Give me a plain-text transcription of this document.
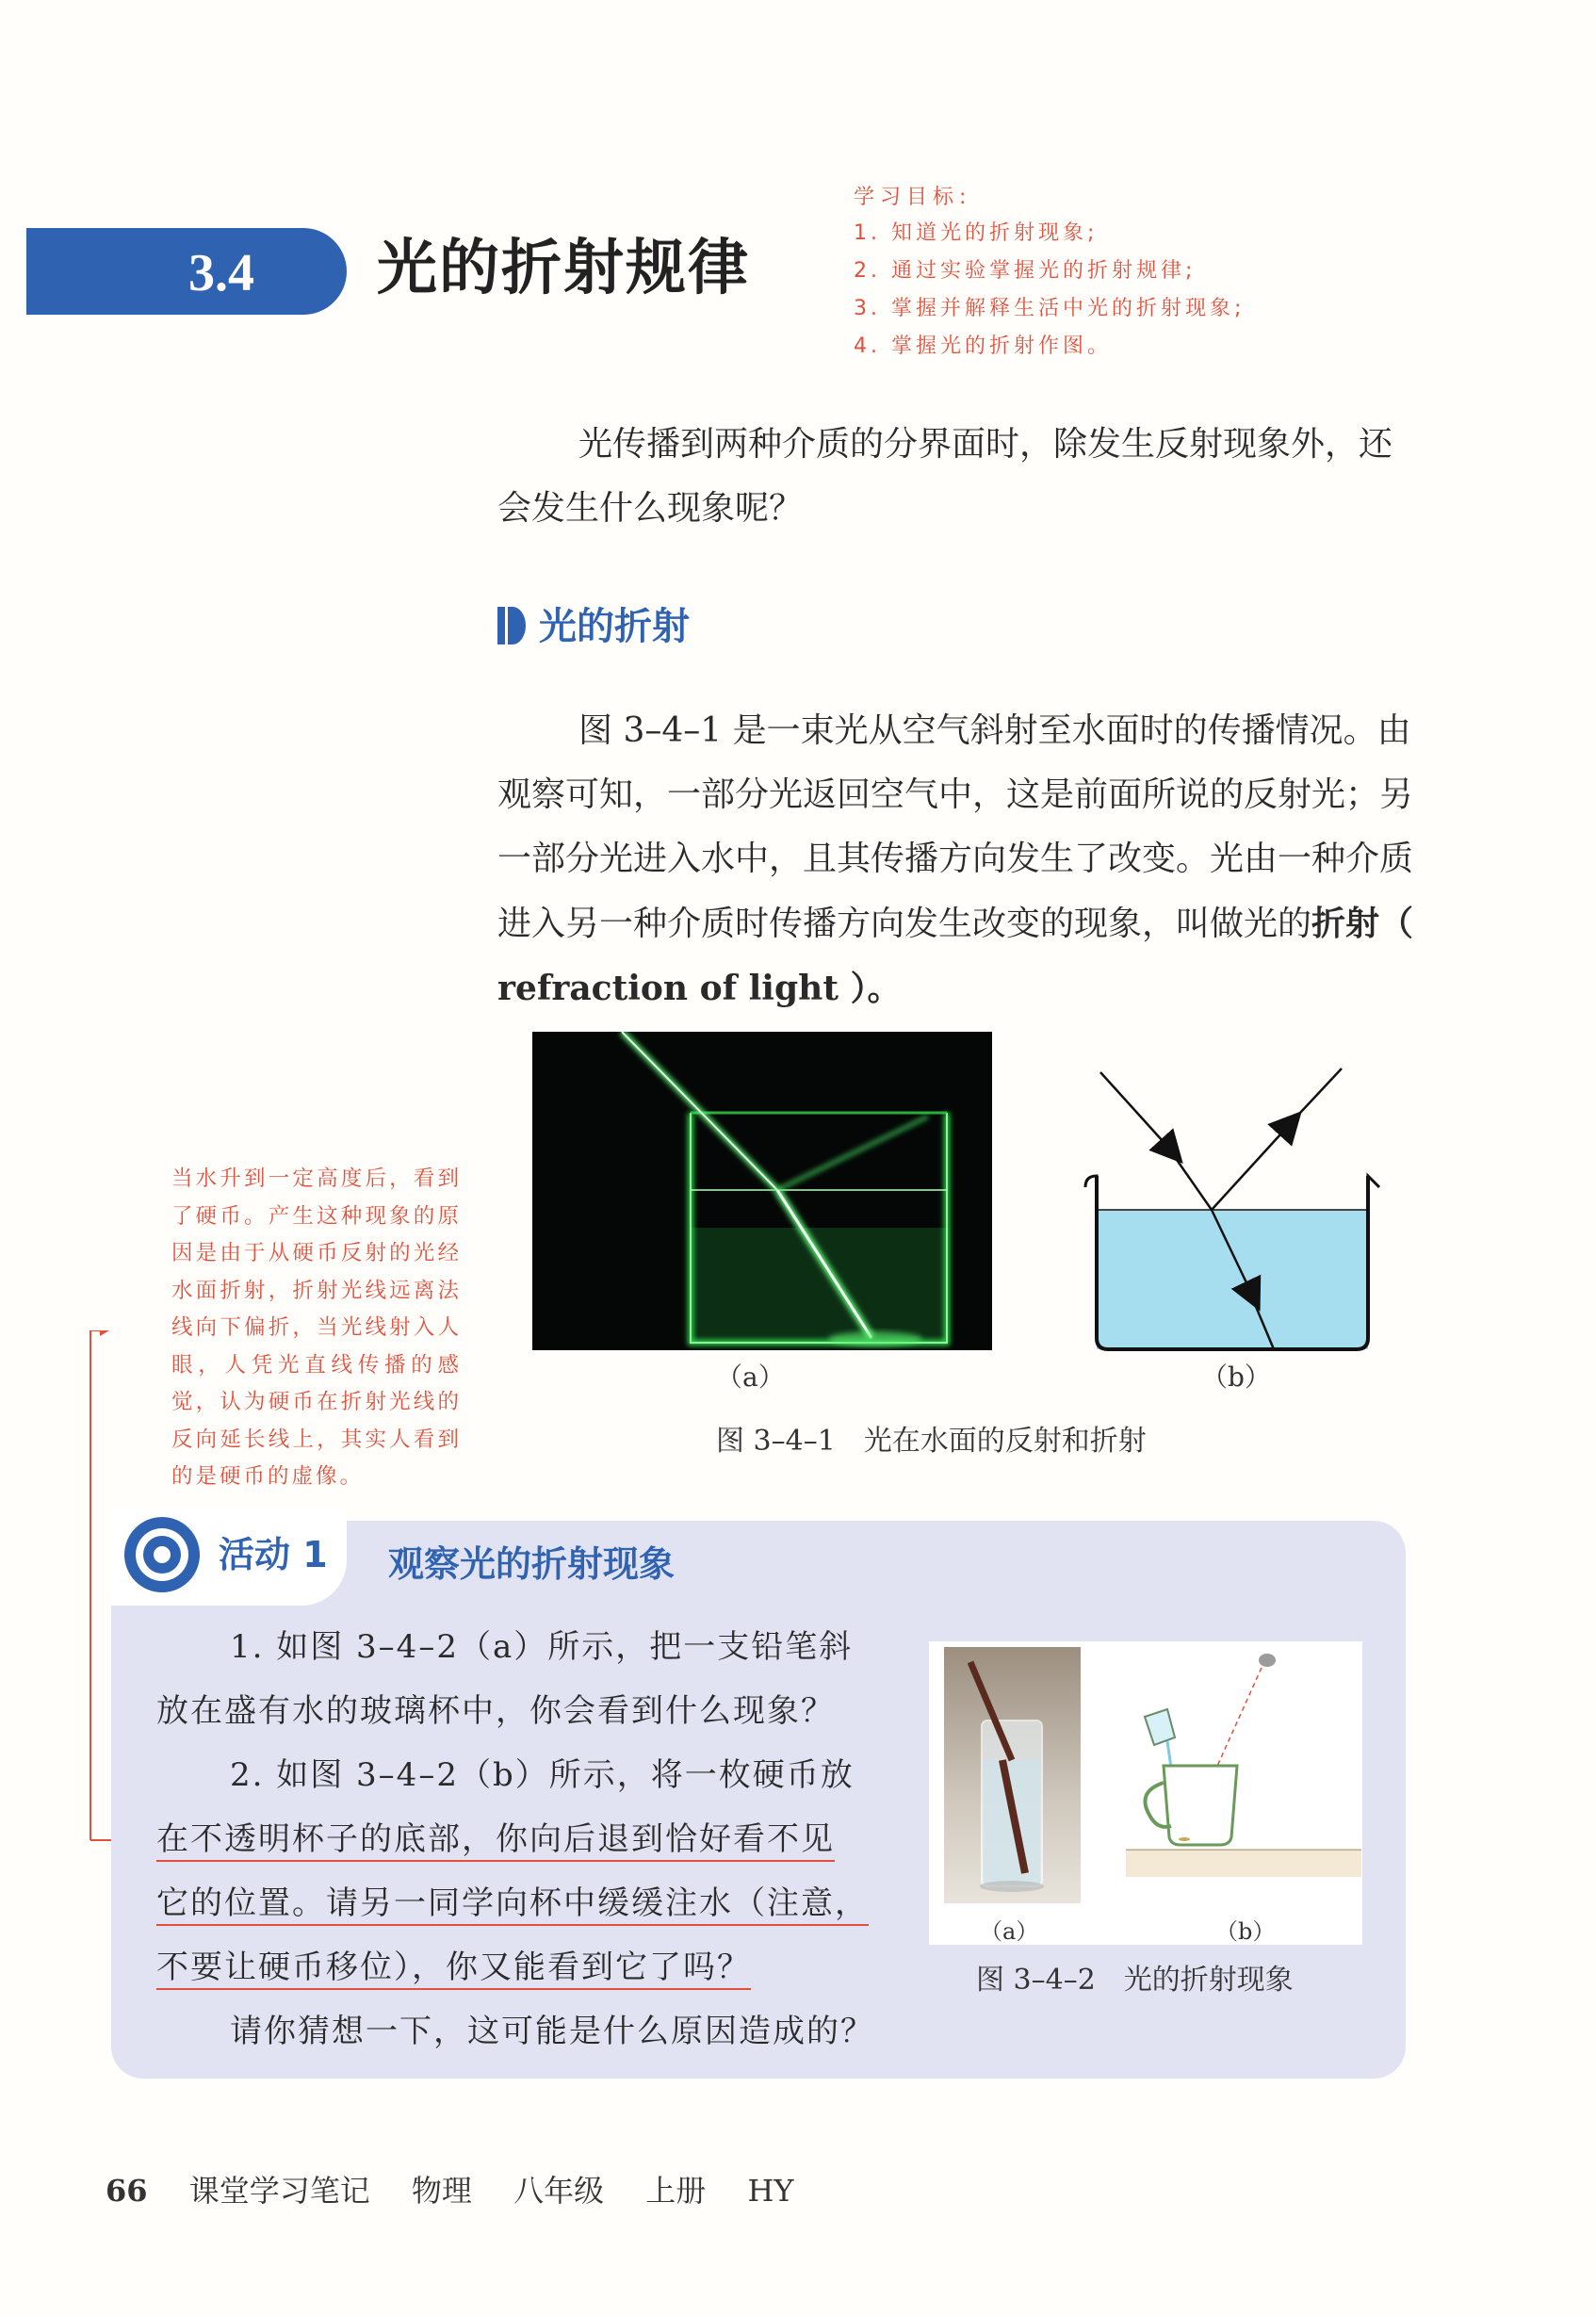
3.4	光的折射规律
学习目标:
1. 知道光的折射现象;
2. 通过实验掌握光的折射规律;
3. 掌握并解释生活中光的折射现象;
4. 掌握光的折射作图。

光传播到两种介质的分界面时，除发生反射现象外，还会发生什么现象呢？

光的折射

图 3–4–1 是一束光从空气斜射至水面时的传播情况。由观察可知，一部分光返回空气中，这是前面所说的反射光；另一部分光进入水中，且其传播方向发生了改变。光由一种介质进入另一种介质时传播方向发生改变的现象，叫做光的折射（ refraction of light ）。

（a）	（b）
图 3–4–1　光在水面的反射和折射
当水升到一定高度后，看到了硬币。产生这种现象的原因是由于从硬币反射的光经水面折射，折射光线远离法线向下偏折，当光线射入人眼，人凭光直线传播的感觉，认为硬币在折射光线的反向延长线上，其实人看到的是硬币的虚像。
活动 1 观察光的折射现象
1. 如图 3–4–2（a）所示，把一支铅笔斜
放在盛有水的玻璃杯中，你会看到什么现象？
2. 如图 3–4–2（b）所示，将一枚硬币放
在不透明杯子的底部，你向后退到恰好看不见
它的位置。请另一同学向杯中缓缓注水（注意，
不要让硬币移位），你又能看到它了吗？
请你猜想一下，这可能是什么原因造成的？
（a）	（b）
图 3–4–2　光的折射现象
66 课堂学习笔记 物理 八年级 上册 HY
